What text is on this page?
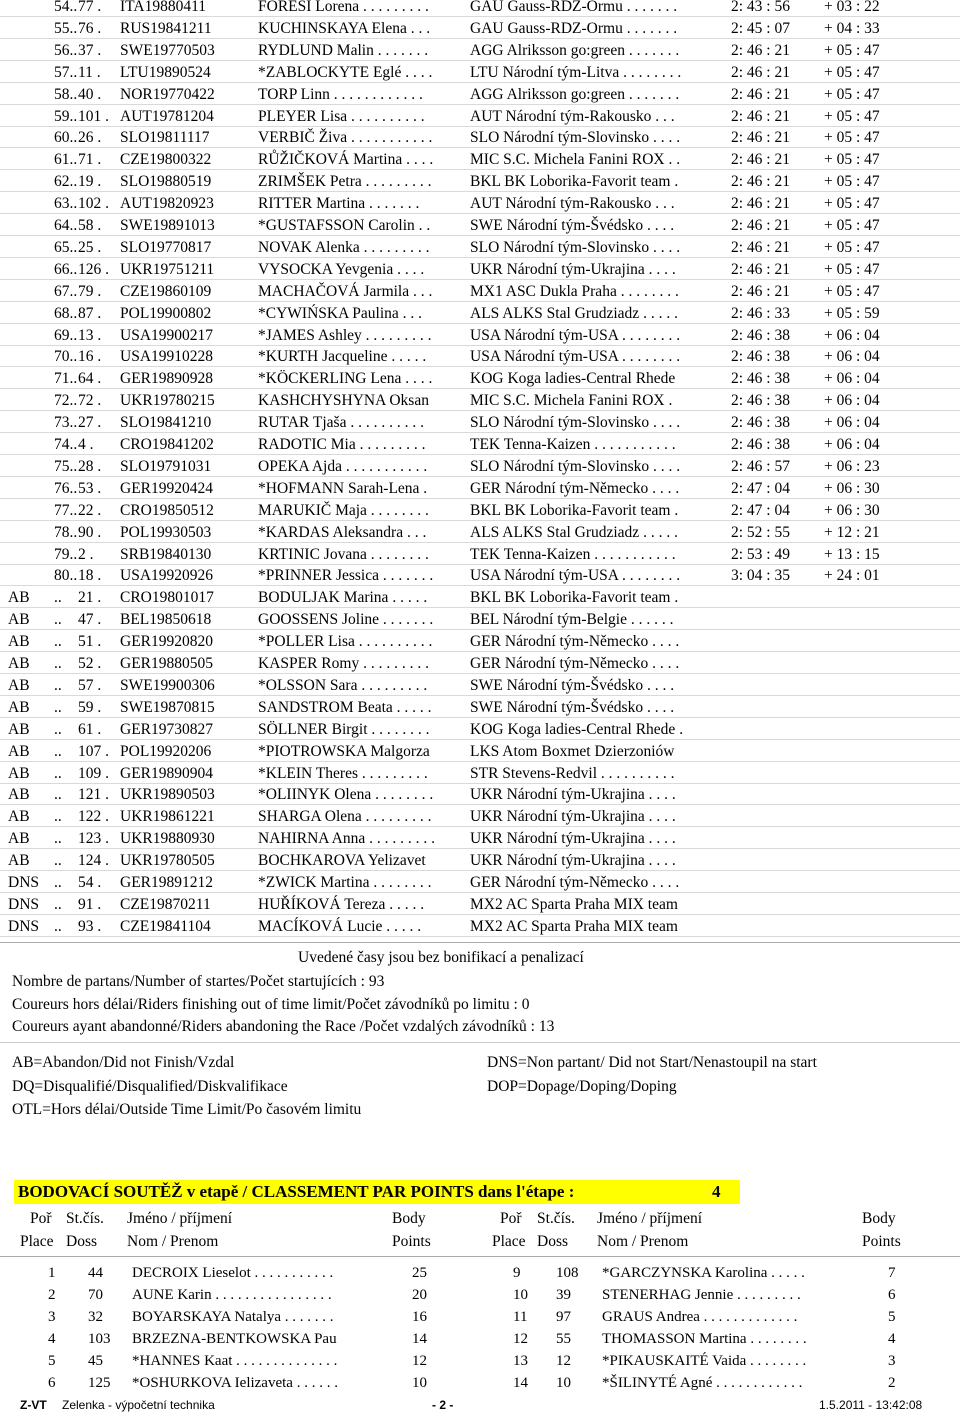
54.. 77 .	ITA19880411	FORESI Lorena . . . . . . . . .	GAU Gauss-RDZ-Ormu . . . . . . .	2: 43 : 56	+ 03 : 22
55.. 76 .	RUS19841211	KUCHINSKAYA Elena . . .	GAU Gauss-RDZ-Ormu . . . . . . .	2: 45 : 07	+ 04 : 33
56.. 37 .	SWE19770503	RYDLUND Malin . . . . . . .	AGG Alriksson go:green . . . . . . .	2: 46 : 21	+ 05 : 47
57.. 11 .	LTU19890524	*ZABLOCKYTE Eglé . . . .	LTU Národní tým-Litva . . . . . . . .	2: 46 : 21	+ 05 : 47
58.. 40 .	NOR19770422	TORP Linn . . . . . . . . . . . .	AGG Alriksson go:green . . . . . . .	2: 46 : 21	+ 05 : 47
59.. 101 . AUT19781204	PLEYER Lisa . . . . . . . . . .	AUT Národní tým-Rakousko . . .	2: 46 : 21	+ 05 : 47
60.. 26 .	SLO19811117	VERBIČ Živa . . . . . . . . . . .	SLO Národní tým-Slovinsko . . . .	2: 46 : 21	+ 05 : 47
61.. 71 .	CZE19800322	RŮŽIČKOVÁ Martina . . . .	MIC S.C. Michela Fanini ROX . .	2: 46 : 21	+ 05 : 47
62.. 19 .	SLO19880519	ZRIMŠEK Petra . . . . . . . . .	BKL BK Loborika-Favorit team .	2: 46 : 21	+ 05 : 47
63.. 102 . AUT19820923	RITTER Martina . . . . . . .	AUT Národní tým-Rakousko . . .	2: 46 : 21	+ 05 : 47
64.. 58 .	SWE19891013	*GUSTAFSSON Carolin . .	SWE Národní tým-Švédsko . . . .	2: 46 : 21	+ 05 : 47
65.. 25 .	SLO19770817	NOVAK Alenka . . . . . . . . .	SLO Národní tým-Slovinsko . . . .	2: 46 : 21	+ 05 : 47
66.. 126 . UKR19751211	VYSOCKA Yevgenia . . . .	UKR Národní tým-Ukrajina . . . .	2: 46 : 21	+ 05 : 47
67.. 79 .	CZE19860109	MACHAČOVÁ Jarmila . . .	MX1 ASC Dukla Praha . . . . . . . .	2: 46 : 21	+ 05 : 47
68.. 87 .	POL19900802	*CYWIŃSKA Paulina . . .	ALS ALKS Stal Grudziadz . . . . .	2: 46 : 33	+ 05 : 59
69.. 13 .	USA19900217	*JAMES Ashley . . . . . . . . .	USA Národní tým-USA . . . . . . . .	2: 46 : 38	+ 06 : 04
70.. 16 .	USA19910228	*KURTH Jacqueline . . . . .	USA Národní tým-USA . . . . . . . .	2: 46 : 38	+ 06 : 04
71.. 64 .	GER19890928	*KÖCKERLING Lena . . . .	KOG Koga ladies-Central Rhede	2: 46 : 38	+ 06 : 04
72.. 72 .	UKR19780215	KASHCHYSHYNA Oksan	MIC S.C. Michela Fanini ROX .	2: 46 : 38	+ 06 : 04
73.. 27 .	SLO19841210	RUTAR Tjaša . . . . . . . . . .	SLO Národní tým-Slovinsko . . . .	2: 46 : 38	+ 06 : 04
74.. 4 .	CRO19841202	RADOTIC Mia . . . . . . . . .	TEK Tenna-Kaizen . . . . . . . . . . .	2: 46 : 38	+ 06 : 04
75.. 28 .	SLO19791031	OPEKA Ajda . . . . . . . . . . .	SLO Národní tým-Slovinsko . . . .	2: 46 : 57	+ 06 : 23
76.. 53 .	GER19920424	*HOFMANN Sarah-Lena .	GER Národní tým-Německo . . . .	2: 47 : 04	+ 06 : 30
77.. 22 .	CRO19850512	MARUKIČ Maja . . . . . . . .	BKL BK Loborika-Favorit team .	2: 47 : 04	+ 06 : 30
78.. 90 .	POL19930503	*KARDAS Aleksandra . . .	ALS ALKS Stal Grudziadz . . . . .	2: 52 : 55	+ 12 : 21
79.. 2 .	SRB19840130	KRTINIC Jovana . . . . . . . .	TEK Tenna-Kaizen . . . . . . . . . . .	2: 53 : 49	+ 13 : 15
80.. 18 .	USA19920926	*PRINNER Jessica . . . . . . .	USA Národní tým-USA . . . . . . . .	3: 04 : 35	+ 24 : 01
AB	..	21 .	CRO19801017	BODULJAK Marina . . . . .	BKL BK Loborika-Favorit team .
AB	..	47 .	BEL19850618	GOOSSENS Joline . . . . . . .	BEL Národní tým-Belgie . . . . . .
AB	..	51 .	GER19920820	*POLLER Lisa . . . . . . . . . .	GER Národní tým-Německo . . . .
AB	..	52 .	GER19880505	KASPER Romy . . . . . . . . .	GER Národní tým-Německo . . . .
AB	..	57 .	SWE19900306	*OLSSON Sara . . . . . . . . .	SWE Národní tým-Švédsko . . . .
AB	..	59 .	SWE19870815	SANDSTROM Beata . . . . .	SWE Národní tým-Švédsko . . . .
AB	..	61 .	GER19730827	SÖLLNER Birgit . . . . . . . .	KOG Koga ladies-Central Rhede .
AB	..	107 . POL19920206	*PIOTROWSKA Malgorza	LKS Atom Boxmet Dzierzoniów
AB	..	109 . GER19890904	*KLEIN Theres . . . . . . . . .	STR Stevens-Redvil . . . . . . . . . .
AB	..	121 . UKR19890503	*OLIINYK Olena . . . . . . . .	UKR Národní tým-Ukrajina . . . .
AB	..	122 . UKR19861221	SHARGA Olena . . . . . . . . .	UKR Národní tým-Ukrajina . . . .
AB	..	123 . UKR19880930	NAHIRNA Anna . . . . . . . . .	UKR Národní tým-Ukrajina . . . .
AB	..	124 . UKR19780505	BOCHKAROVA Yelizavet	UKR Národní tým-Ukrajina . . . .
DNS ..	54 .	GER19891212	*ZWICK Martina . . . . . . . .	GER Národní tým-Německo . . . .
DNS ..	91 .	CZE19870211	HUŘÍKOVÁ Tereza . . . . .	MX2 AC Sparta Praha MIX team
DNS ..	93 .	CZE19841104	MACÍKOVÁ Lucie . . . . .	MX2 AC Sparta Praha MIX team
Uvedené časy jsou bez bonifikací a penalizací
Nombre de partans/Number of startes/Počet startujících : 93
Coureurs hors délai/Riders finishing out of time limit/Počet závodníků po limitu : 0
Coureurs ayant abandonné/Riders abandoning the Race /Počet vzdalých závodníků : 13
AB=Abandon/Did not Finish/Vzdal
DQ=Disqualifié/Disqualified/Diskvalifikace
OTL=Hors délai/Outside Time Limit/Po časovém limitu
DNS=Non partant/ Did not Start/Nenastoupil na start
DOP=Dopage/Doping/Doping
BODOVACÍ SOUTĚŽ v etapě / CLASSEMENT PAR POINTS dans l'étape :	4
Poř St.čís. Jméno / příjmení	Body
Place Doss Nom / Prenom	Points
Poř St.čís. Jméno / příjmení	Body
Place Doss Nom / Prenom	Points
1 44 DECROIX Lieselot . . . . . . . . . . .	25
2 70 AUNE Karin . . . . . . . . . . . . . . . .	20
3 32 BOYARSKAYA Natalya . . . . . . .	16
4 103 BRZEZNA-BENTKOWSKA Pau	14
5 45 *HANNES Kaat . . . . . . . . . . . . . .	12
6 125 *OSHURKOVA Ielizaveta . . . . . .	10
9 108 *GARCZYNSKA Karolina . . . . .	7
10 39 STENERHAG Jennie . . . . . . . . .	6
11 97 GRAUS Andrea . . . . . . . . . . . . .	5
12 55 THOMASSON Martina . . . . . . . .	4
13 12 *PIKAUSKAITÉ Vaida . . . . . . . .	3
14 10 *ŠILINYTÉ Agné . . . . . . . . . . . .	2
Z-VT Zelenka - výpočetní technika	- 2 -	1.5.2011 - 13:42:08
